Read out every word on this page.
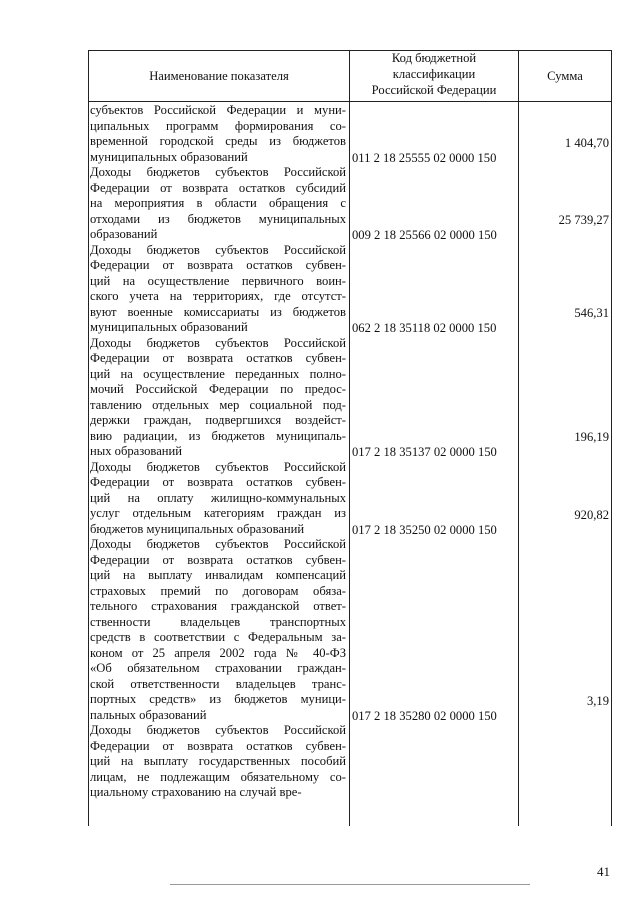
Наименование показателя
Код бюджетной
классификации
Российской Федерации
Сумма
субъектов Российской Федерации и муни-
ципальных программ формирования со-
временной городской среды из бюджетов
муниципальных образований	011 2 18 25555 02 0000 150
1 404,70
Доходы бюджетов субъектов Российской
Федерации от возврата остатков субсидий
на мероприятия в области обращения с
отходами из бюджетов муниципальных
образований	009 2 18 25566 02 0000 150
25 739,27
Доходы бюджетов субъектов Российской
Федерации от возврата остатков субвен-
ций на осуществление первичного воин-
ского учета на территориях, где отсутст-
вуют военные комиссариаты из бюджетов
муниципальных образований	062 2 18 35118 02 0000 150
546,31
Доходы бюджетов субъектов Российской
Федерации от возврата остатков субвен-
ций на осуществление переданных полно-
мочий Российской Федерации по предос-
тавлению отдельных мер социальной под-
держки граждан, подвергшихся воздейст-
вию радиации, из бюджетов муниципаль-
ных образований	017 2 18 35137 02 0000 150
196,19
Доходы бюджетов субъектов Российской
Федерации от возврата остатков субвен-
ций на оплату жилищно-коммунальных
услуг отдельным категориям граждан из
бюджетов муниципальных образований	017 2 18 35250 02 0000 150
920,82
Доходы бюджетов субъектов Российской
Федерации от возврата остатков субвен-
ций на выплату инвалидам компенсаций
страховых премий по договорам обяза-
тельного страхования гражданской ответ-
ственности владельцев транспортных
средств в соответствии с Федеральным за-
коном от 25 апреля 2002 года № 40-ФЗ
«Об обязательном страховании граждан-
ской ответственности владельцев транс-
портных средств» из бюджетов муници-
пальных образований	017 2 18 35280 02 0000 150
3,19
Доходы бюджетов субъектов Российской
Федерации от возврата остатков субвен-
ций на выплату государственных пособий
лицам, не подлежащим обязательному со-
циальному страхованию на случай вре-
41
